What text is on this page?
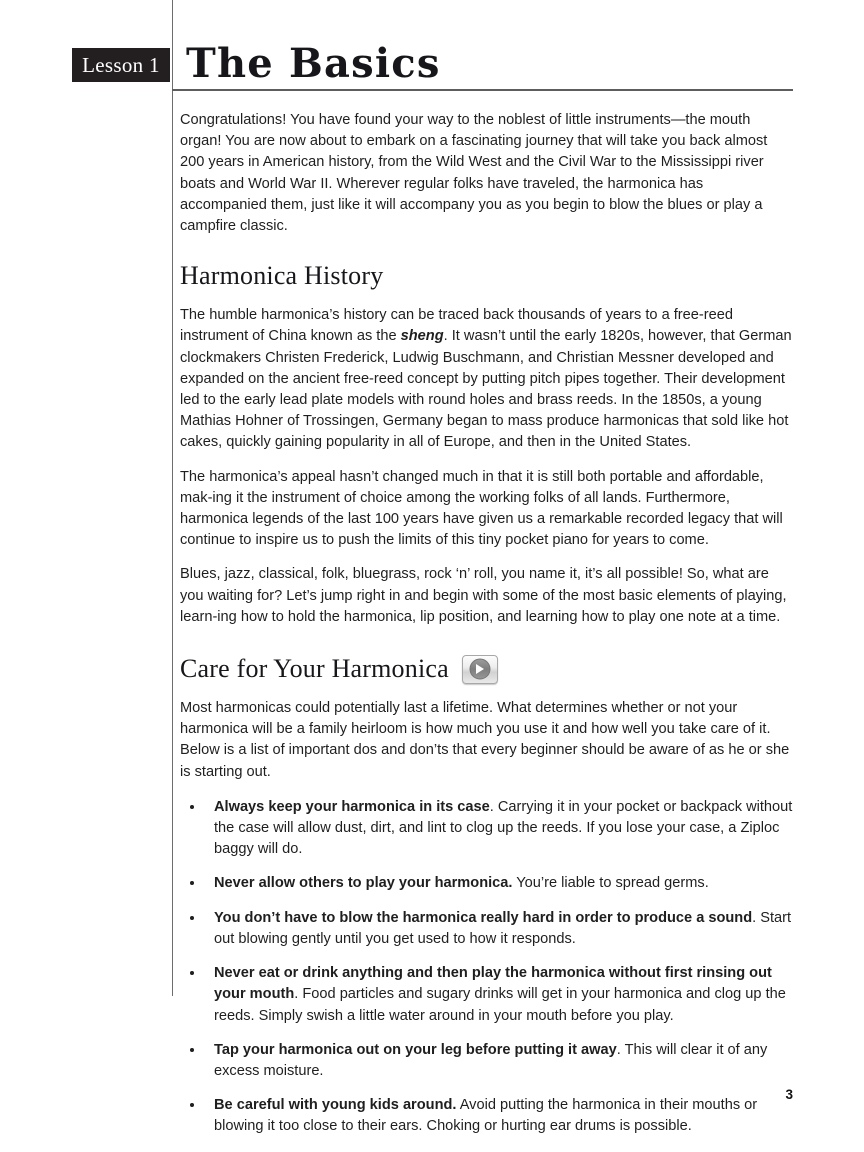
Lesson 1 The Basics

Congratulations! You have found your way to the noblest of little instruments—the mouth organ! You are now about to embark on a fascinating journey that will take you back almost 200 years in American history, from the Wild West and the Civil War to the Mississippi river boats and World War II. Wherever regular folks have traveled, the harmonica has accompanied them, just like it will accompany you as you begin to blow the blues or play a campfire classic.

Harmonica History

The humble harmonica’s history can be traced back thousands of years to a free-reed instrument of China known as the sheng. It wasn’t until the early 1820s, however, that German clockmakers Christen Frederick, Ludwig Buschmann, and Christian Messner developed and expanded on the ancient free-reed concept by putting pitch pipes together. Their development led to the early lead plate models with round holes and brass reeds. In the 1850s, a young Mathias Hohner of Trossingen, Germany began to mass produce harmonicas that sold like hot cakes, quickly gaining popularity in all of Europe, and then in the United States.

The harmonica’s appeal hasn’t changed much in that it is still both portable and affordable, mak-ing it the instrument of choice among the working folks of all lands. Furthermore, harmonica legends of the last 100 years have given us a remarkable recorded legacy that will continue to inspire us to push the limits of this tiny pocket piano for years to come.

Blues, jazz, classical, folk, bluegrass, rock ‘n’ roll, you name it, it’s all possible! So, what are you waiting for? Let’s jump right in and begin with some of the most basic elements of playing, learn-ing how to hold the harmonica, lip position, and learning how to play one note at a time.

Care for Your Harmonica

Most harmonicas could potentially last a lifetime. What determines whether or not your harmonica will be a family heirloom is how much you use it and how well you take care of it. Below is a list of important dos and don’ts that every beginner should be aware of as he or she is starting out.

Always keep your harmonica in its case. Carrying it in your pocket or backpack without the case will allow dust, dirt, and lint to clog up the reeds. If you lose your case, a Ziploc baggy will do.
Never allow others to play your harmonica. You’re liable to spread germs.
You don’t have to blow the harmonica really hard in order to produce a sound. Start out blowing gently until you get used to how it responds.
Never eat or drink anything and then play the harmonica without first rinsing out your mouth. Food particles and sugary drinks will get in your harmonica and clog up the reeds. Simply swish a little water around in your mouth before you play.
Tap your harmonica out on your leg before putting it away. This will clear it of any excess moisture.
Be careful with young kids around. Avoid putting the harmonica in their mouths or blowing it too close to their ears. Choking or hurting ear drums is possible.
3
